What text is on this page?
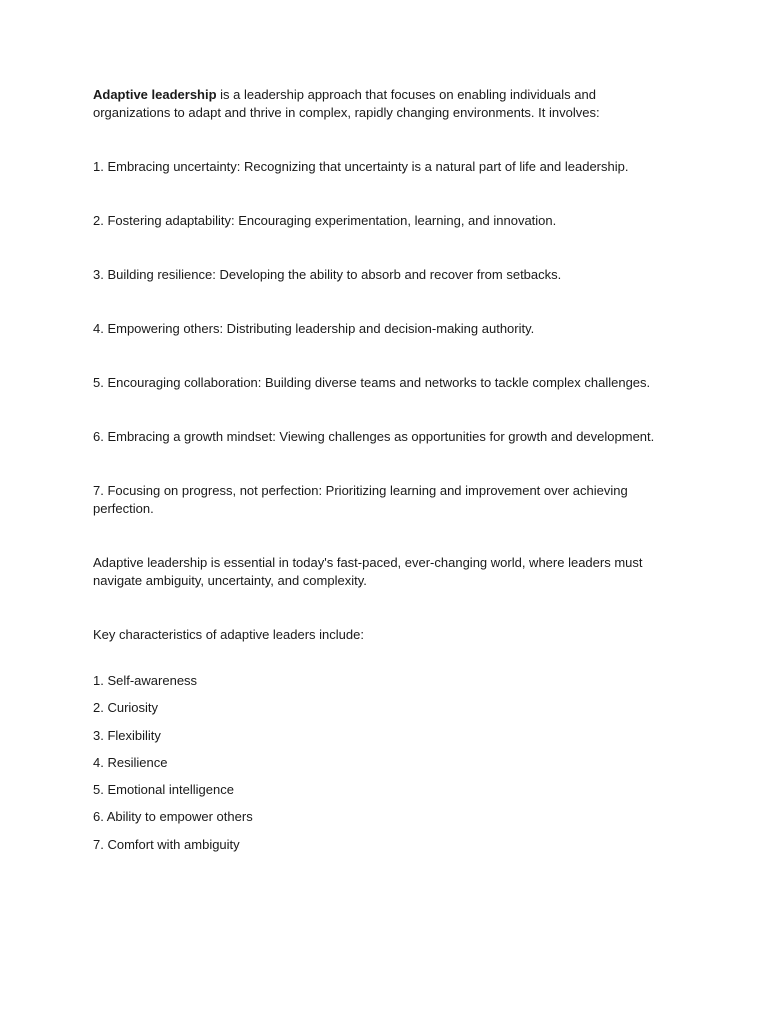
Adaptive leadership is a leadership approach that focuses on enabling individuals and organizations to adapt and thrive in complex, rapidly changing environments. It involves:

1. Embracing uncertainty: Recognizing that uncertainty is a natural part of life and leadership.

2. Fostering adaptability: Encouraging experimentation, learning, and innovation.

3. Building resilience: Developing the ability to absorb and recover from setbacks.

4. Empowering others: Distributing leadership and decision-making authority.

5. Encouraging collaboration: Building diverse teams and networks to tackle complex challenges.

6. Embracing a growth mindset: Viewing challenges as opportunities for growth and development.

7. Focusing on progress, not perfection: Prioritizing learning and improvement over achieving perfection.

Adaptive leadership is essential in today's fast-paced, ever-changing world, where leaders must navigate ambiguity, uncertainty, and complexity.

Key characteristics of adaptive leaders include:

1. Self-awareness
2. Curiosity
3. Flexibility
4. Resilience
5. Emotional intelligence
6. Ability to empower others
7. Comfort with ambiguity
